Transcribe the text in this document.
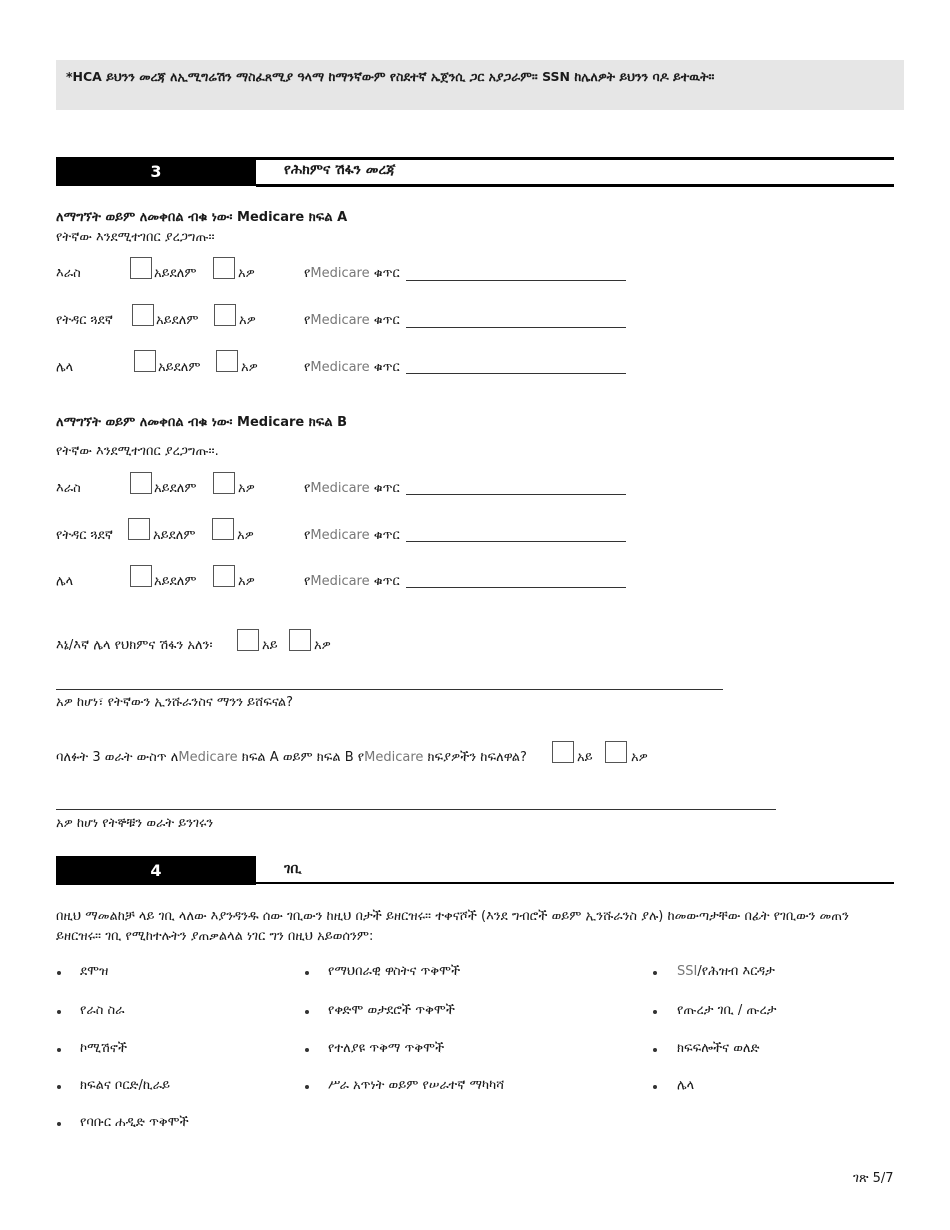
*HCA ይህንን መረጃ ለኢሚግሬሽን ማስፈጸሚያ ዓላማ ከማንኛውም የስደተኛ ኤጀንሲ ጋር አያጋራም። SSN ከሌለዎት ይህንን ባዶ ይተዉት።
3	የሕክምና ሽፋን መረጃ
ለማግኘት ወይም ለመቀበል ብቁ ነው፡ Medicare ክፍል A
የትኛው እንደሚተገበር ያረጋግጡ።
እራስ	አይደለም	አዎ	የMedicare ቁጥር
የትዳር ጓደኛ	አይደለም	አዎ	የMedicare ቁጥር
ሌላ	አይደለም	አዎ	የMedicare ቁጥር
ለማግኘት ወይም ለመቀበል ብቁ ነው፡ Medicare ክፍል B
የትኛው እንደሚተገበር ያረጋግጡ።.
እራስ	አይደለም	አዎ	የMedicare ቁጥር
የትዳር ጓደኛ	አይደለም	አዎ	የMedicare ቁጥር
ሌላ	አይደለም	አዎ	የMedicare ቁጥር
እኔ/እኛ ሌላ የህክምና ሽፋን አለን፡	አይ	አዎ
አዎ ከሆነ፣ የትኛውን ኢንሹራንስና ማንን ይሸፍናል?
ባለፉት 3 ወራት ውስጥ ለMedicare ክፍል A ወይም ክፍል B የMedicare ክፍያዎችን ከፍለዋል?	አይ	አዎ
አዎ ከሆነ የትኞቹን ወራት ይንገሩን
4	ገቢ
በዚህ ማመልከቻ ላይ ገቢ ላለው እያንዳንዱ ሰው ገቢውን ከዚህ በታች ይዘርዝሩ። ተቀናሾች (እንደ ግብሮች ወይም ኢንሹራንስ ያሉ) ከመውጣታቸው በፊት የገቢውን መጠን
ይዘርዝሩ። ገቢ የሚከተሉትን ያጠቃልላል ነገር ግን በዚህ አይወሰንም:
ደሞዝ
የራስ ስራ
ኮሚሽኖች
ክፍልና ቦርድ/ኪራይ
የባቡር ሐዲድ ጥቅሞች
የማህበራዊ ዋስትና ጥቅሞች
የቀድሞ ወታደሮች ጥቅሞች
የተለያዩ ጥቅማ ጥቅሞች
ሥራ አጥነት ወይም የሠራተኛ ማካካሻ
SSI/የሕዝብ እርዳታ
የጡረታ ገቢ / ጡረታ
ክፍፍሎችና ወለድ
ሌላ
ገጽ 5/7
